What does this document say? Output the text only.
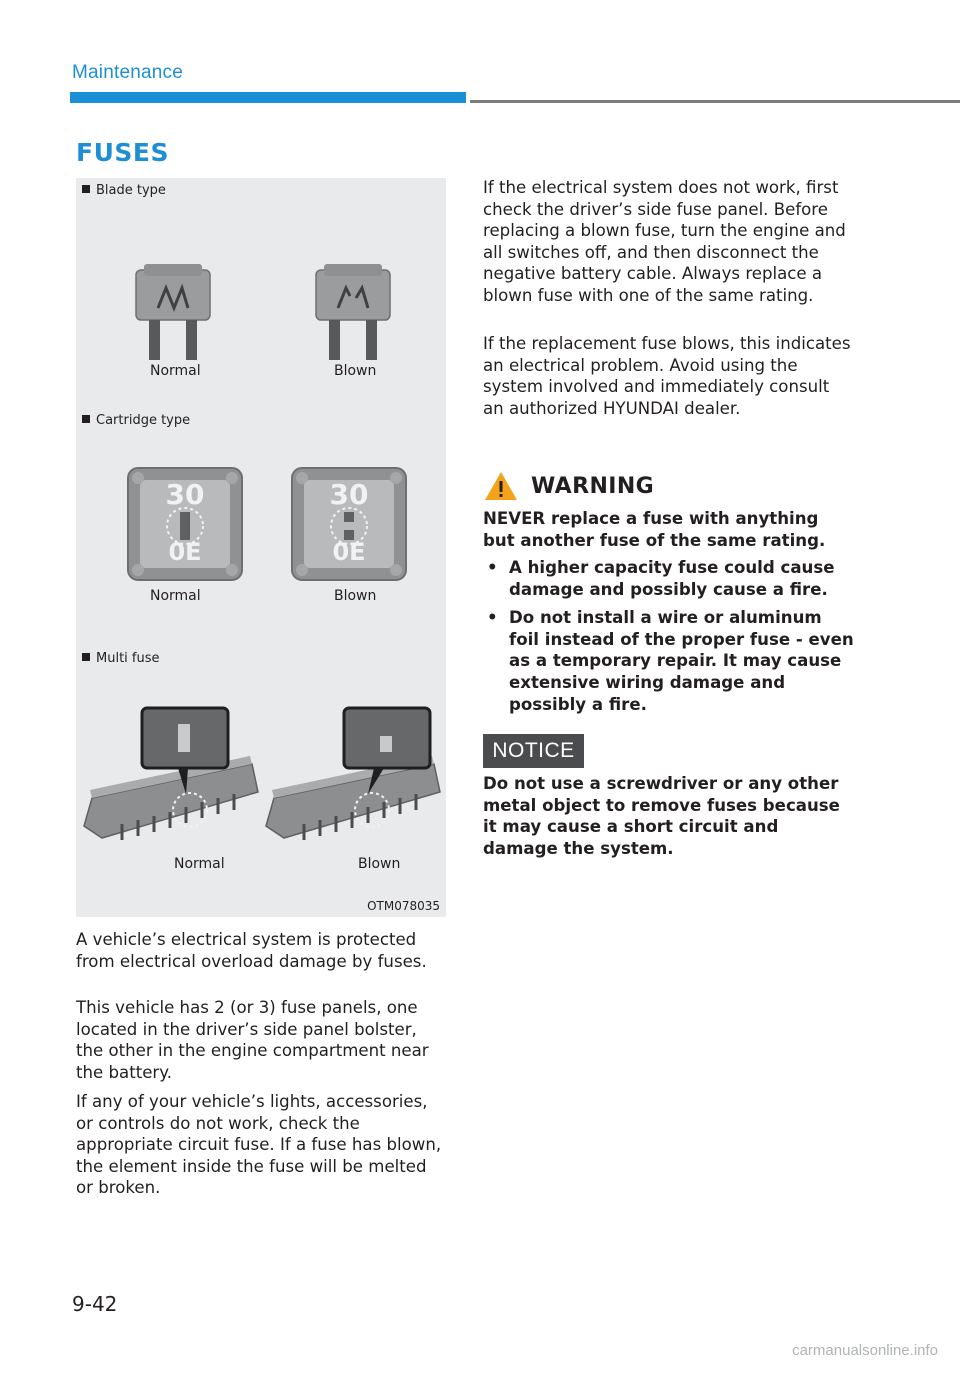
Maintenance
FUSES
Blade type
Normal	Blown
Cartridge type
30
0E
30
0E
Normal	Blown
Multi fuse
Normal	Blown
OTM078035
A vehicle’s electrical system is protected from electrical overload damage by fuses.
This vehicle has 2 (or 3) fuse panels, one located in the driver’s side panel bolster, the other in the engine compartment near the battery.
If any of your vehicle’s lights, accessories, or controls do not work, check the appropriate circuit fuse. If a fuse has blown, the element inside the fuse will be melted or broken.
If the electrical system does not work, first check the driver’s side fuse panel. Before replacing a blown fuse, turn the engine and all switches off, and then disconnect the negative battery cable. Always replace a blown fuse with one of the same rating.
If the replacement fuse blows, this indicates an electrical problem. Avoid using the system involved and immediately consult an authorized HYUNDAI dealer.
WARNING
NEVER replace a fuse with anything but another fuse of the same rating.
• A higher capacity fuse could cause damage and possibly cause a fire.
• Do not install a wire or aluminum foil instead of the proper fuse - even as a temporary repair. It may cause extensive wiring damage and possibly a fire.
NOTICE
Do not use a screwdriver or any other metal object to remove fuses because it may cause a short circuit and damage the system.
9-42
carmanualsonline.info
